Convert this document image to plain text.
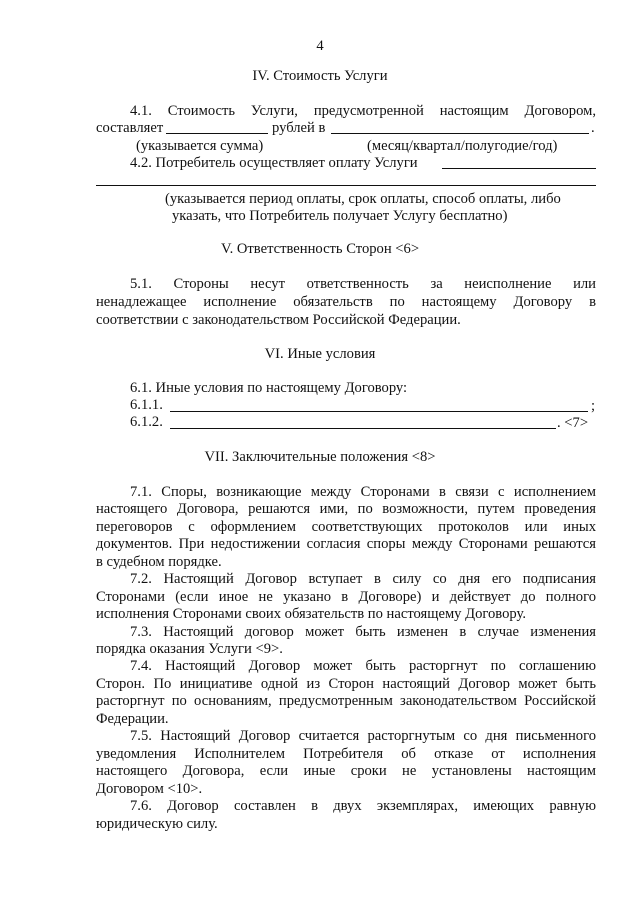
4
IV. Стоимость Услуги
4.1. Стоимость Услуги, предусмотренной настоящим Договором,
составляет	рублей в	.
(указывается сумма)	(месяц/квартал/полугодие/год)
4.2. Потребитель осуществляет оплату Услуги
(указывается период оплаты, срок оплаты, способ оплаты, либо
указать, что Потребитель получает Услугу бесплатно)
V. Ответственность Сторон <6>
5.1. Стороны несут ответственность за неисполнение или
ненадлежащее исполнение обязательств по настоящему Договору в
соответствии с законодательством Российской Федерации.
VI. Иные условия
6.1. Иные условия по настоящему Договору:
6.1.1.	;
6.1.2.	. <7>
VII. Заключительные положения <8>
7.1. Споры, возникающие между Сторонами в связи с исполнением
настоящего Договора, решаются ими, по возможности, путем проведения
переговоров с оформлением соответствующих протоколов или иных
документов. При недостижении согласия споры между Сторонами решаются
в судебном порядке.
7.2. Настоящий Договор вступает в силу со дня его подписания
Сторонами (если иное не указано в Договоре) и действует до полного
исполнения Сторонами своих обязательств по настоящему Договору.
7.3. Настоящий договор может быть изменен в случае изменения
порядка оказания Услуги <9>.
7.4. Настоящий Договор может быть расторгнут по соглашению
Сторон. По инициативе одной из Сторон настоящий Договор может быть
расторгнут по основаниям, предусмотренным законодательством Российской
Федерации.
7.5. Настоящий Договор считается расторгнутым со дня письменного
уведомления Исполнителем Потребителя об отказе от исполнения
настоящего Договора, если иные сроки не установлены настоящим
Договором <10>.
7.6. Договор составлен в двух экземплярах, имеющих равную
юридическую силу.
